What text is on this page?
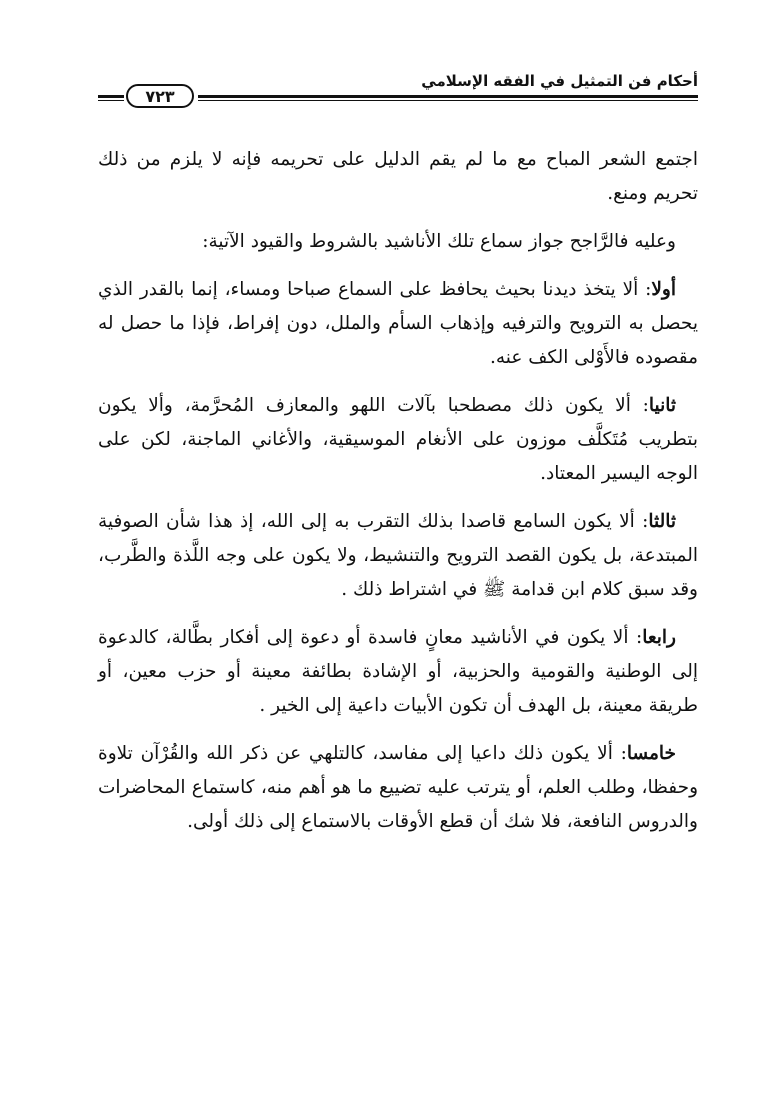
أحكام فن التمثيل في الفقه الإسلامي
٧٢٣

اجتمع الشعر المباح مع ما لم يقم الدليل على تحريمه فإنه لا يلزم من ذلك تحريم ومنع.

وعليه فالرَّاجح جواز سماع تلك الأناشيد بالشروط والقيود الآتية:

أولا: ألا يتخذ ديدنا بحيث يحافظ على السماع صباحا ومساء، إنما بالقدر الذي يحصل به الترويح والترفيه وإذهاب السأم والملل، دون إفراط، فإذا ما حصل له مقصوده فالأَوْلى الكف عنه.

ثانيا: ألا يكون ذلك مصطحبا بآلات اللهو والمعازف المُحرَّمة، وألا يكون بتطريب مُتَكلَّف موزون على الأنغام الموسيقية، والأغاني الماجنة، لكن على الوجه اليسير المعتاد.

ثالثا: ألا يكون السامع قاصدا بذلك التقرب به إلى الله، إذ هذا شأن الصوفية المبتدعة، بل يكون القصد الترويح والتنشيط، ولا يكون على وجه اللَّذة والطَّرب، وقد سبق كلام ابن قدامة ﷺ في اشتراط ذلك .

رابعا: ألا يكون في الأناشيد معانٍ فاسدة أو دعوة إلى أفكار بطَّالة، كالدعوة إلى الوطنية والقومية والحزبية، أو الإشادة بطائفة معينة أو حزب معين، أو طريقة معينة، بل الهدف أن تكون الأبيات داعية إلى الخير .

خامسا: ألا يكون ذلك داعيا إلى مفاسد، كالتلهي عن ذكر الله والقُرْآن تلاوة وحفظا، وطلب العلم، أو يترتب عليه تضييع ما هو أهم منه، كاستماع المحاضرات والدروس النافعة، فلا شك أن قطع الأوقات بالاستماع إلى ذلك أولى.
